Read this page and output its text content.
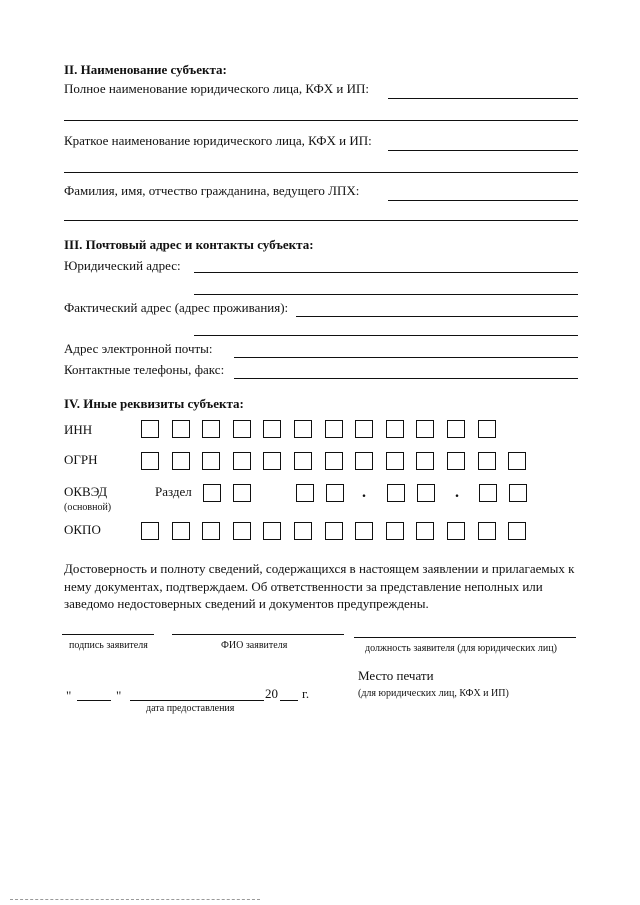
II. Наименование субъекта:
Полное наименование юридического лица, КФХ и ИП:
Краткое наименование юридического лица, КФХ и ИП:
Фамилия, имя, отчество гражданина, ведущего ЛПХ:
III. Почтовый адрес и контакты субъекта:
Юридический адрес:
Фактический адрес (адрес проживания):
Адрес электронной почты:
Контактные телефоны, факс:
IV. Иные реквизиты субъекта:
ИНН
ОГРН
ОКВЭД
(основной)
Раздел	.	.
ОКПО
Достоверность и полноту сведений, содержащихся в настоящем заявлении и прилагаемых к
нему документах, подтверждаем. Об ответственности за представление неполных или
заведомо недостоверных сведений и документов предупреждены.
подпись заявителя	ФИО заявителя	должность заявителя (для юридических лиц)
"	"	20 г.
дата предоставления
Место печати
(для юридических лиц, КФХ и ИП)
